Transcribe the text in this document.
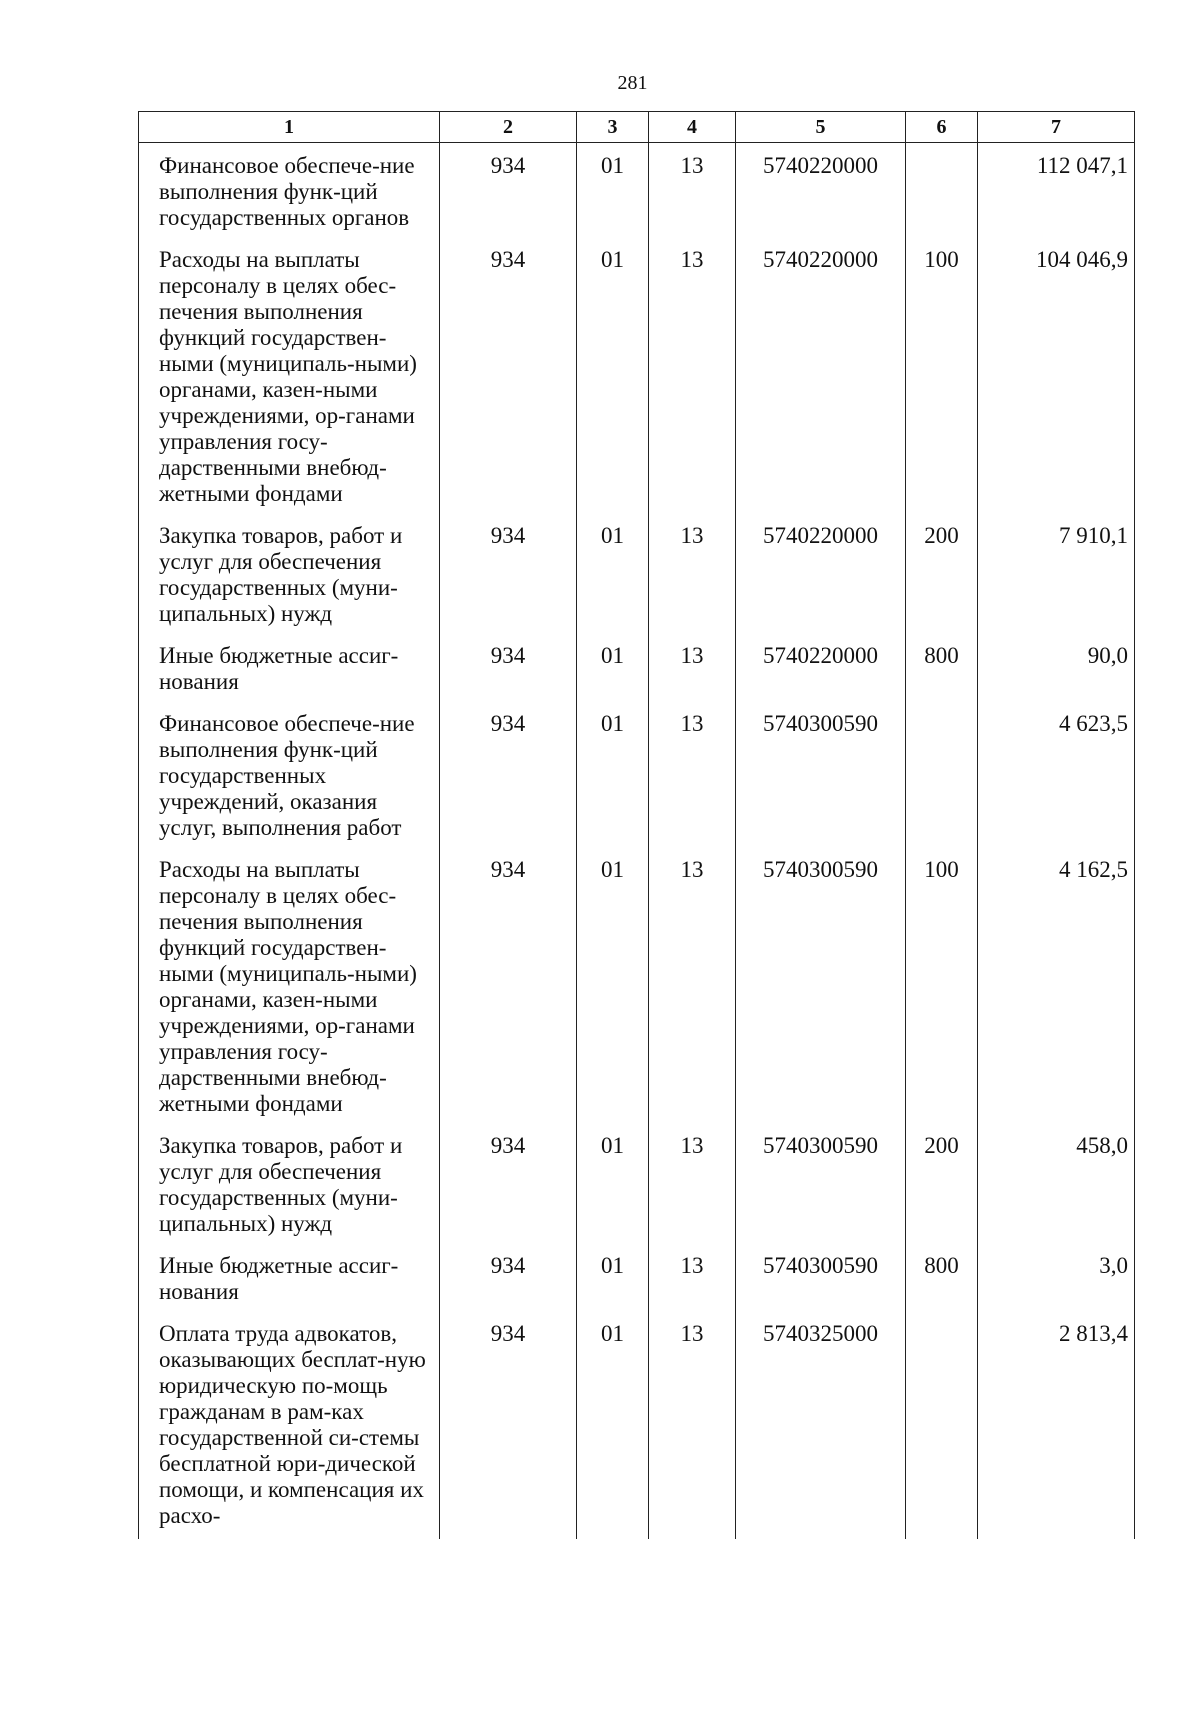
281
1	2	3	4	5	6	7
Финансовое обеспече-ние выполнения функ-ций государственных органов	934	01	13	5740220000		112 047,1
Расходы на выплаты персоналу в целях обес-печения выполнения функций государствен-ными (муниципаль-ными) органами, казен-ными учреждениями, ор-ганами управления госу-дарственными внебюд-жетными фондами	934	01	13	5740220000	100	104 046,9
Закупка товаров, работ и услуг для обеспечения государственных (муни-ципальных) нужд	934	01	13	5740220000	200	7 910,1
Иные бюджетные ассиг-нования	934	01	13	5740220000	800	90,0
Финансовое обеспече-ние выполнения функ-ций государственных учреждений, оказания услуг, выполнения работ	934	01	13	5740300590		4 623,5
Расходы на выплаты персоналу в целях обес-печения выполнения функций государствен-ными (муниципаль-ными) органами, казен-ными учреждениями, ор-ганами управления госу-дарственными внебюд-жетными фондами	934	01	13	5740300590	100	4 162,5
Закупка товаров, работ и услуг для обеспечения государственных (муни-ципальных) нужд	934	01	13	5740300590	200	458,0
Иные бюджетные ассиг-нования	934	01	13	5740300590	800	3,0
Оплата труда адвокатов, оказывающих бесплат-ную юридическую по-мощь гражданам в рам-ках государственной си-стемы бесплатной юри-дической помощи, и компенсация их расхо-	934	01	13	5740325000		2 813,4
